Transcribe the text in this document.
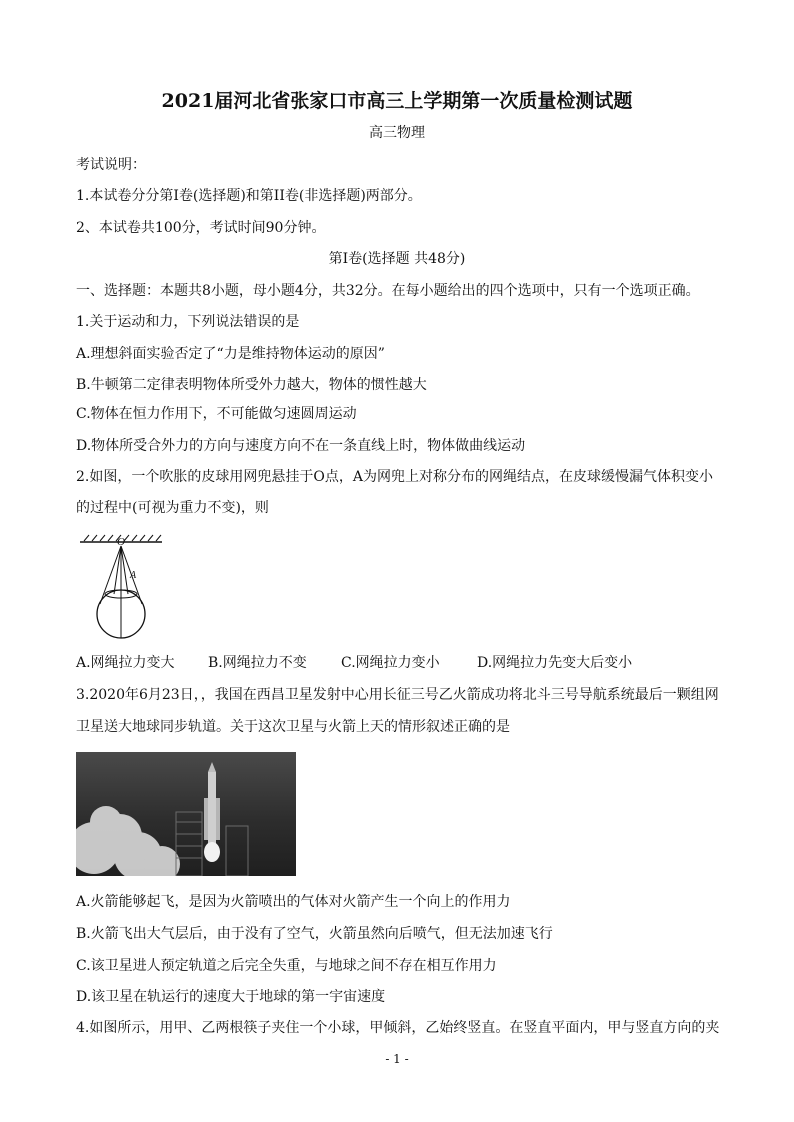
2021届河北省张家口市高三上学期第一次质量检测试题
高三物理
考试说明：
1.本试卷分分第I卷(选择题)和第II卷(非选择题)两部分。
2、本试卷共100分，考试时间90分钟。
第I卷(选择题 共48分)
一、选择题：本题共8小题，母小题4分，共32分。在每小题给出的四个选项中，只有一个选项正确。
1.关于运动和力，下列说法错误的是
A.理想斜面实验否定了“力是维持物体运动的原因”
B.牛顿第二定律表明物体所受外力越大，物体的惯性越大
C.物体在恒力作用下，不可能做匀速圆周运动
D.物体所受合外力的方向与速度方向不在一条直线上时，物体做曲线运动
2.如图，一个吹胀的皮球用网兜悬挂于O点，A为网兜上对称分布的网绳结点，在皮球缓慢漏气体积变小
的过程中(可视为重力不变)，则
O
A
A.网绳拉力变大 B.网绳拉力不变 C.网绳拉力变小	D.网绳拉力先变大后变小
3.2020年6月23日，，我国在西昌卫星发射中心用长征三号乙火箭成功将北斗三号导航系统最后一颗组网
卫星送大地球同步轨道。关于这次卫星与火箭上天的情形叙述正确的是
A.火箭能够起飞，是因为火箭喷出的气体对火箭产生一个向上的作用力
B.火箭飞出大气层后，由于没有了空气，火箭虽然向后喷气，但无法加速飞行
C.该卫星进人预定轨道之后完全失重，与地球之间不存在相互作用力
D.该卫星在轨运行的速度大于地球的第一宇宙速度
4.如图所示，用甲、乙两根筷子夹住一个小球，甲倾斜，乙始终竖直。在竖直平面内，甲与竖直方向的夹
- 1 -
